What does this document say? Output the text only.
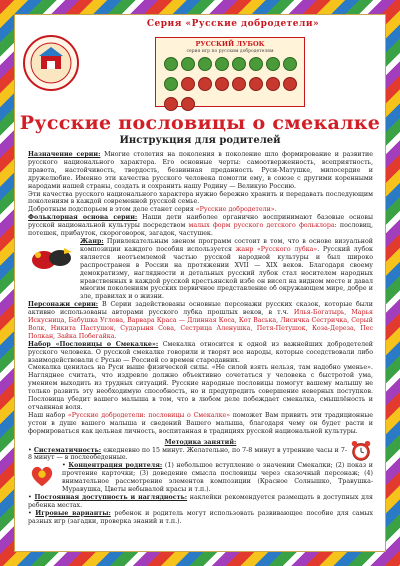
Серия «Русские добродетели»
РУССКИЙ ЛУБОК
серия игр по русским добродетелям
Русские пословицы о смекалке
Инструкция для родителей

Назначение серии: Многие столетия на поколения в поколение шло формирование и развитие русского национального характера. Его основные черты: самоотверженность, всеприятность, правота, настойчивость, твердость, безвинная преданность Руси-Матушке, милосердие и дружелюбие. Именно эти качества русского человека помогли ему, в союзе с другими коренными народами нашей страны, создать и сохранить нашу Родину — Великую Россию.

Эти качества русского национального характера нужно бережно хранить и передавать последующим поколениям в каждой современной русской семье.

Добротным подспорьем в этом деле станет серия «Русские добродетели».

Фольклорная основа серии: Наши дети наиболее органично воспринимают базовые основы русской национальной культуры посредством малых форм русского детского фольклора: пословиц, потешек, прибауток, скороговорок, загадок, частушек.

Жанр: Привлекательным звеном программ состоит в том, что в основе визуальной композиции каждого пособия используется жанр «Русского лубка». Русский лубок является неотъемлемой частью русской народной культуры и был широко распространен в России на протяжении XVII — XIX веков. Благодаря своему демократизму, наглядности и детальных русский лубок стал носителем народных нравственных в каждой русской крестьянской избе он висел на видном месте и давал многим поколениям русских первичное представление об окружающем мире, добре и зле, правилах и о жизни.

Персонажи серии: В Серии задействованы основные персонажи русских сказок, которые были активно использованы авторами русского лубка прошлых веков, в т.ч. Илья-Богатырь, Марья Искусница, Бабушка Углова, Варвара Краса — Длинная Коса, Кот Васька, Лисичка Сестричка, Серый Волк, Никита Пастушок, Сударыня Сова, Сестрица Аленушка, Петя-Петушок, Коза-Дереза, Пес Полкан, Зайка Побегайка.

Набор «Пословицы о Смекалке»: Смекалка относится к одной из важнейших добродетелей русского человека. О русской смекалке говорили и творят все народы, которые соседствовали либо взаимодействовали с Русью — Россией со времен стародавних.

Смекалка ценилась на Руси выше физической силы. «Не силой взять нельзя, там надобно уменье». Нагляднее считать, что издревле должно объективно сочетаться у человека с быстротой ума, умением выходить из трудных ситуаций. Русские народные пословицы помогут вашему малышу не только развить эту необходимую способность, но и предупредить совершение неверных поступков. Пословица убедит вашего малыша в том, что в любом деле побеждает смекалка, смышлёность и отчаянная воля.

Наш набор «Русские добродетели: пословицы о Смекалке» поможет Вам привить эти традиционные устои в душе вашего малыша и сведений Вашего малыша, благодаря чему он будет расти и формироваться как цельная личность, воспитанная в традициях русской национальной культуры.

Методика занятий:

• Систематичность: ежедневно по 15 минут. Желательно, по 7-8 минут в утренние часы и 7-8 минут — в послеобеденные.

• Концентрация родителя: (1) небольшое вступление о значении Смекалки; (2) показ и прочтение карточки; (3) доведение смысла пословицы через сказочный персонаж; (4) внимательное рассмотрение элементов композиции (Красное Солнышко, Травушка-Муравушка, Цветы небывалой красы и т.п.).

• Постоянная доступность и наглядность: наклейки рекомендуется размещать в доступных для ребенка местах.

• Игровые варианты: ребенок и родитель могут использовать развивающее пособие для самых разных игр (загадки, проверка знаний и т.п.).
